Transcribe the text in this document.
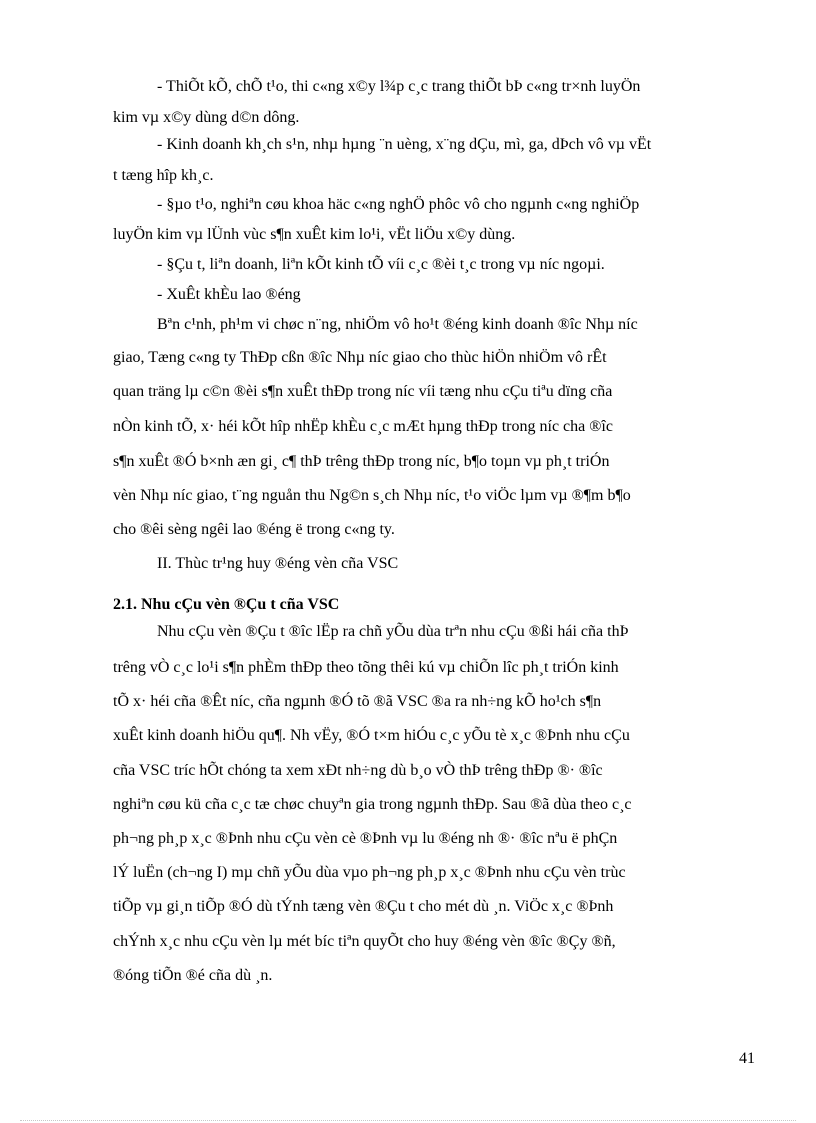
- ThiÕt kÕ, chÕ t¹o, thi c«ng x©y l¾p c¸c trang thiÕt bÞ c«ng tr×nh luyÖn
kim vµ x©y dùng d©n dông.
- Kinh doanh kh¸ch s¹n, nhµ hµng ¨n uèng, x¨ng dÇu, mì, ga, dÞch vô vµ vËt
t tæng hîp kh¸c.
- §µo t¹o, nghiªn cøu khoa häc c«ng nghÖ phôc vô cho ngµnh c«ng nghiÖp
luyÖn kim vµ lÜnh vùc s¶n xuÊt kim lo¹i, vËt liÖu x©y dùng.
- §Çu t, liªn doanh, liªn kÕt kinh tÕ víi c¸c ®èi t¸c trong vµ níc ngoµi.
- XuÊt khÈu lao ®éng
Bªn c¹nh, ph¹m vi chøc n¨ng, nhiÖm vô ho¹t ®éng kinh doanh ®îc Nhµ níc
giao, Tæng c«ng ty ThÐp cßn ®îc Nhµ níc giao cho thùc hiÖn nhiÖm vô rÊt
quan träng lµ c©n ®èi s¶n xuÊt thÐp trong níc víi tæng nhu cÇu tiªu dïng cña
nÒn kinh tÕ, x· héi kÕt hîp nhËp khÈu c¸c mÆt hµng thÐp trong níc cha ®îc
s¶n xuÊt ®Ó b×nh æn gi¸ c¶ thÞ trêng thÐp trong níc, b¶o toµn vµ ph¸t triÓn
vèn Nhµ níc giao, t¨ng nguån thu Ng©n s¸ch Nhµ níc, t¹o viÖc lµm vµ ®¶m b¶o
cho ®êi sèng ngêi lao ®éng ë trong c«ng ty.
II. Thùc tr¹ng huy ®éng vèn cña VSC
2.1. Nhu cÇu vèn ®Çu t cña VSC
Nhu cÇu vèn ®Çu t ®îc lËp ra chñ yÕu dùa trªn nhu cÇu ®ßi hái cña thÞ
trêng vÒ c¸c lo¹i s¶n phÈm thÐp theo tõng thêi kú vµ chiÕn lîc ph¸t triÓn kinh
tÕ x· héi cña ®Êt níc, cña ngµnh ®Ó tõ ®ã VSC ®a ra nh÷ng kÕ ho¹ch s¶n
xuÊt kinh doanh hiÖu qu¶. Nh vËy, ®Ó t×m hiÓu c¸c yÕu tè x¸c ®Þnh nhu cÇu
cña VSC tríc hÕt chóng ta xem xÐt nh÷ng dù b¸o vÒ thÞ trêng thÐp ®· ®îc
nghiªn cøu kü cña c¸c tæ chøc chuyªn gia trong ngµnh thÐp. Sau ®ã dùa theo c¸c
ph¬ng ph¸p x¸c ®Þnh nhu cÇu vèn cè ®Þnh vµ lu ®éng nh ®· ®îc nªu ë phÇn
lÝ luËn (ch¬ng I) mµ chñ yÕu dùa vµo ph¬ng ph¸p x¸c ®Þnh nhu cÇu vèn trùc
tiÕp vµ gi¸n tiÕp ®Ó dù tÝnh tæng vèn ®Çu t cho mét dù ¸n. ViÖc x¸c ®Þnh
chÝnh x¸c nhu cÇu vèn lµ mét bíc tiªn quyÕt cho huy ®éng vèn ®îc ®Çy ®ñ,
®óng tiÕn ®é cña dù ¸n.
41
